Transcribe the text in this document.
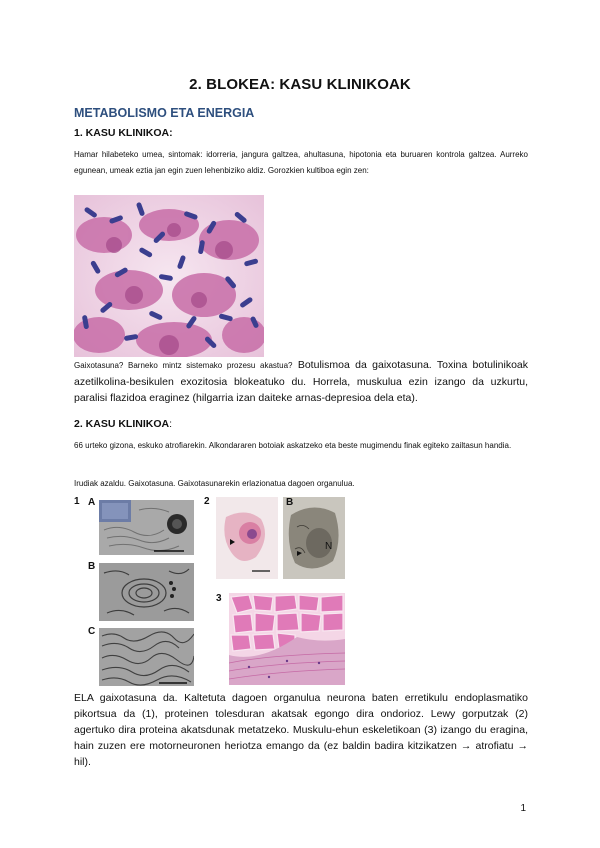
2. BLOKEA: KASU KLINIKOAK
METABOLISMO ETA ENERGIA
1. KASU KLINIKOA:
Hamar hilabeteko umea, sintomak: idorreria, jangura galtzea, ahultasuna, hipotonia eta buruaren kontrola galtzea. Aurreko egunean, umeak eztia jan egin zuen lehenbiziko aldiz. Gorozkien kultiboa egin zen:
Gaixotasuna? Barneko mintz sistemako prozesu akastua? Botulismoa da gaixotasuna. Toxina botulinikoak azetilkolina-besikulen exozitosia blokeatuko du. Horrela, muskulua ezin izango da uzkurtu, paralisi flazidoa eraginez (hilgarria izan daiteke arnas-depresioa dela eta).
2. KASU KLINIKOA:
66 urteko gizona, eskuko atrofiarekin. Alkondararen botoiak askatzeko eta beste mugimendu finak egiteko zailtasun handia.
Irudiak azaldu. Gaixotasuna. Gaixotasunarekin erlazionatua dagoen organulua.
1 A
B
C
2	B
N
3
ELA gaixotasuna da. Kaltetuta dagoen organulua neurona baten erretikulu endoplasmatiko pikortsua da (1), proteinen tolesduran akatsak egongo dira ondorioz. Lewy gorputzak (2) agertuko dira proteina akatsdunak metatzeko. Muskulu-ehun eskeletikoan (3) izango du eragina, hain zuzen ere motorneuronen heriotza emango da (ez baldin badira kitzikatzen → atrofiatu → hil).
1
